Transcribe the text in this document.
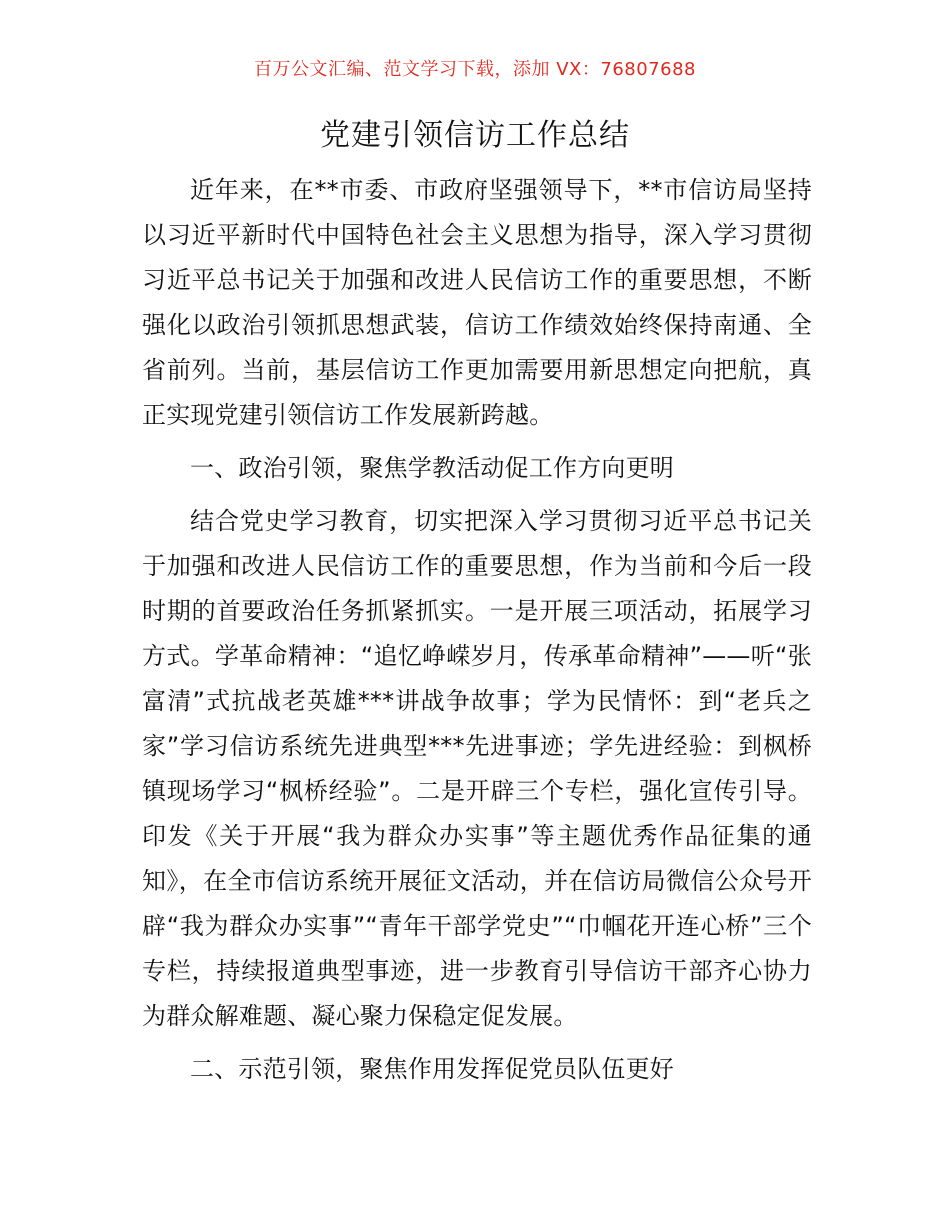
百万公文汇编、范文学习下载，添加 VX：76807688
党建引领信访工作总结

近年来，在**市委、市政府坚强领导下，**市信访局坚持以习近平新时代中国特色社会主义思想为指导，深入学习贯彻习近平总书记关于加强和改进人民信访工作的重要思想，不断强化以政治引领抓思想武装，信访工作绩效始终保持南通、全省前列。当前，基层信访工作更加需要用新思想定向把航，真正实现党建引领信访工作发展新跨越。

一、政治引领，聚焦学教活动促工作方向更明

结合党史学习教育，切实把深入学习贯彻习近平总书记关于加强和改进人民信访工作的重要思想，作为当前和今后一段时期的首要政治任务抓紧抓实。一是开展三项活动，拓展学习方式。学革命精神：“追忆峥嵘岁月，传承革命精神”——听“张富清”式抗战老英雄***讲战争故事；学为民情怀：到“老兵之家”学习信访系统先进典型***先进事迹；学先进经验：到枫桥镇现场学习“枫桥经验”。二是开辟三个专栏，强化宣传引导。印发《关于开展“我为群众办实事”等主题优秀作品征集的通知》，在全市信访系统开展征文活动，并在信访局微信公众号开辟“我为群众办实事”“青年干部学党史”“巾帼花开连心桥”三个专栏，持续报道典型事迹，进一步教育引导信访干部齐心协力为群众解难题、凝心聚力保稳定促发展。

二、示范引领，聚焦作用发挥促党员队伍更好
